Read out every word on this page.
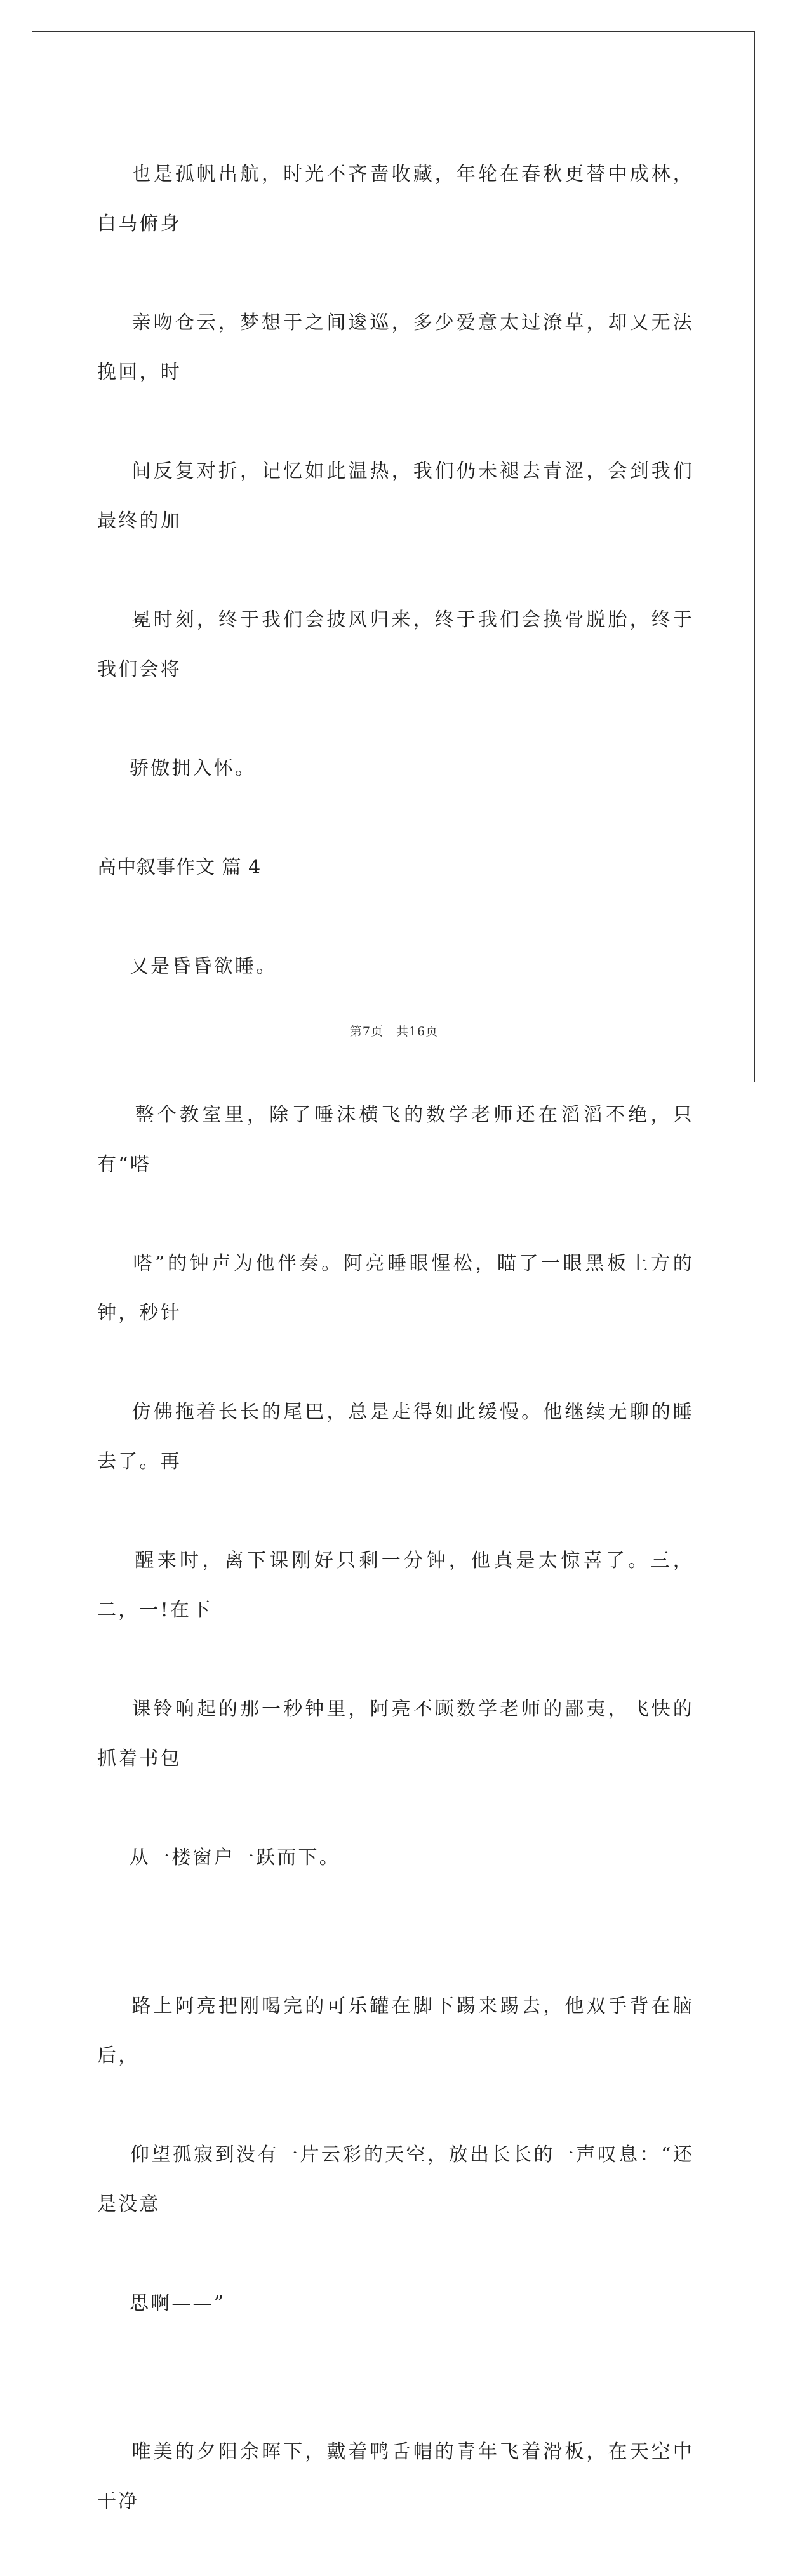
也是孤帆出航，时光不吝啬收藏，年轮在春秋更替中成林，白马俯身

亲吻仓云，梦想于之间逡巡，多少爱意太过潦草，却又无法挽回，时

间反复对折，记忆如此温热，我们仍未褪去青涩，会到我们最终的加

冕时刻，终于我们会披风归来，终于我们会换骨脱胎，终于我们会将

骄傲拥入怀。

高中叙事作文 篇 4

又是昏昏欲睡。

整个教室里，除了唾沫横飞的数学老师还在滔滔不绝，只有“嗒

嗒”的钟声为他伴奏。阿亮睡眼惺松，瞄了一眼黑板上方的钟，秒针

仿佛拖着长长的尾巴，总是走得如此缓慢。他继续无聊的睡去了。再

醒来时，离下课刚好只剩一分钟，他真是太惊喜了。三，二，一!在下

课铃响起的那一秒钟里，阿亮不顾数学老师的鄙夷，飞快的抓着书包

从一楼窗户一跃而下。

路上阿亮把刚喝完的可乐罐在脚下踢来踢去，他双手背在脑后，

仰望孤寂到没有一片云彩的天空，放出长长的一声叹息：“还是没意

思啊——”

唯美的夕阳余晖下，戴着鸭舌帽的青年飞着滑板，在天空中干净

第7页 共16页
